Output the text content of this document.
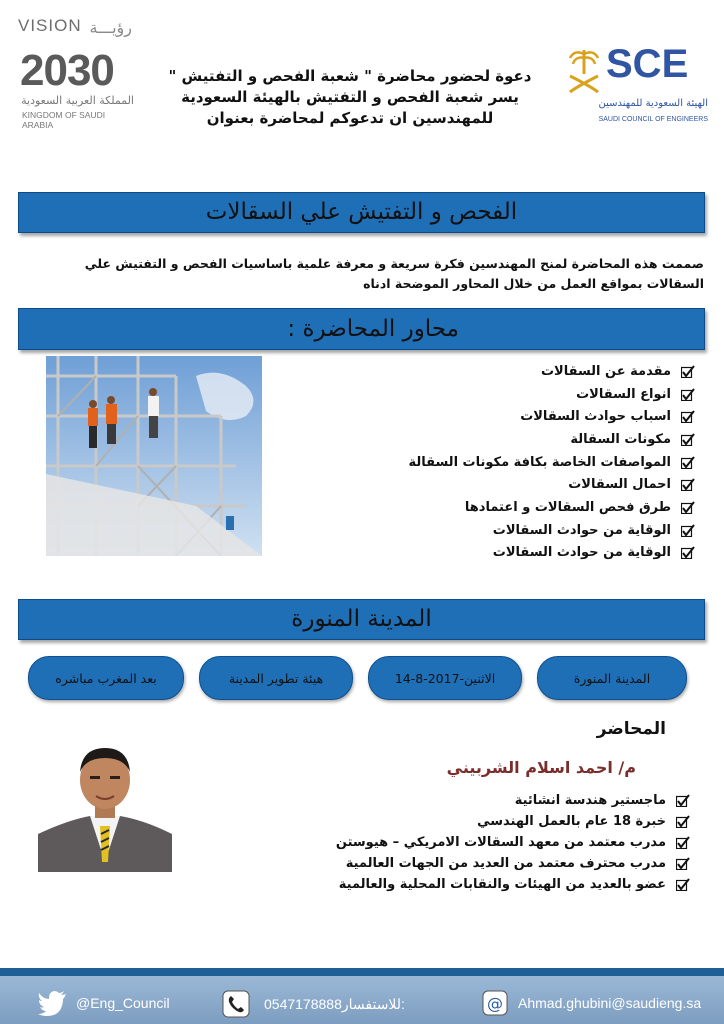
VISION رؤيـــة
2030
المملكة العربية السعودية
KINGDOM OF SAUDI ARABIA
SCE
الهيئة السعودية للمهندسين
SAUDI COUNCIL OF ENGINEERS
دعوة لحضور محاضرة " شعبة الفحص و التفتيش "
يسر شعبة الفحص و التفتيش بالهيئة السعودية
للمهندسين ان تدعوكم لمحاضرة بعنوان
الفحص و التفتيش علي السقالات
صممت هذه المحاضرة لمنح المهندسين فكرة سريعة و معرفة علمية باساسيات الفحص و التفتيش علي
السقالات بمواقع العمل من خلال المحاور الموضحة ادناه
محاور المحاضرة :
مقدمة عن السقالات
انواع السقالات
اسباب حوادث السقالات
مكونات السقالة
المواصفات الخاصة بكافة مكونات السقالة
احمال السقالات
طرق فحص السقالات و اعتمادها
الوقاية من حوادث السقالات
الوقاية من حوادث السقالات
المدينة المنورة
المدينة المنورة
الاثنين-2017-8-14
هيئة تطوير المدينة
بعد المغرب مباشره
المحاضر
م/ احمد اسلام الشربيني
ماجستير هندسة انشائية
خبرة 18 عام بالعمل الهندسي
مدرب معتمد من معهد السقالات الامريكي – هيوستن
مدرب محترف معتمد من العديد من الجهات العالمية
عضو بالعديد من الهيئات والنقابات المحلية والعالمية
@Eng_Council	0547178888للاستفسار:	@ Ahmad.ghubini@saudieng.sa
